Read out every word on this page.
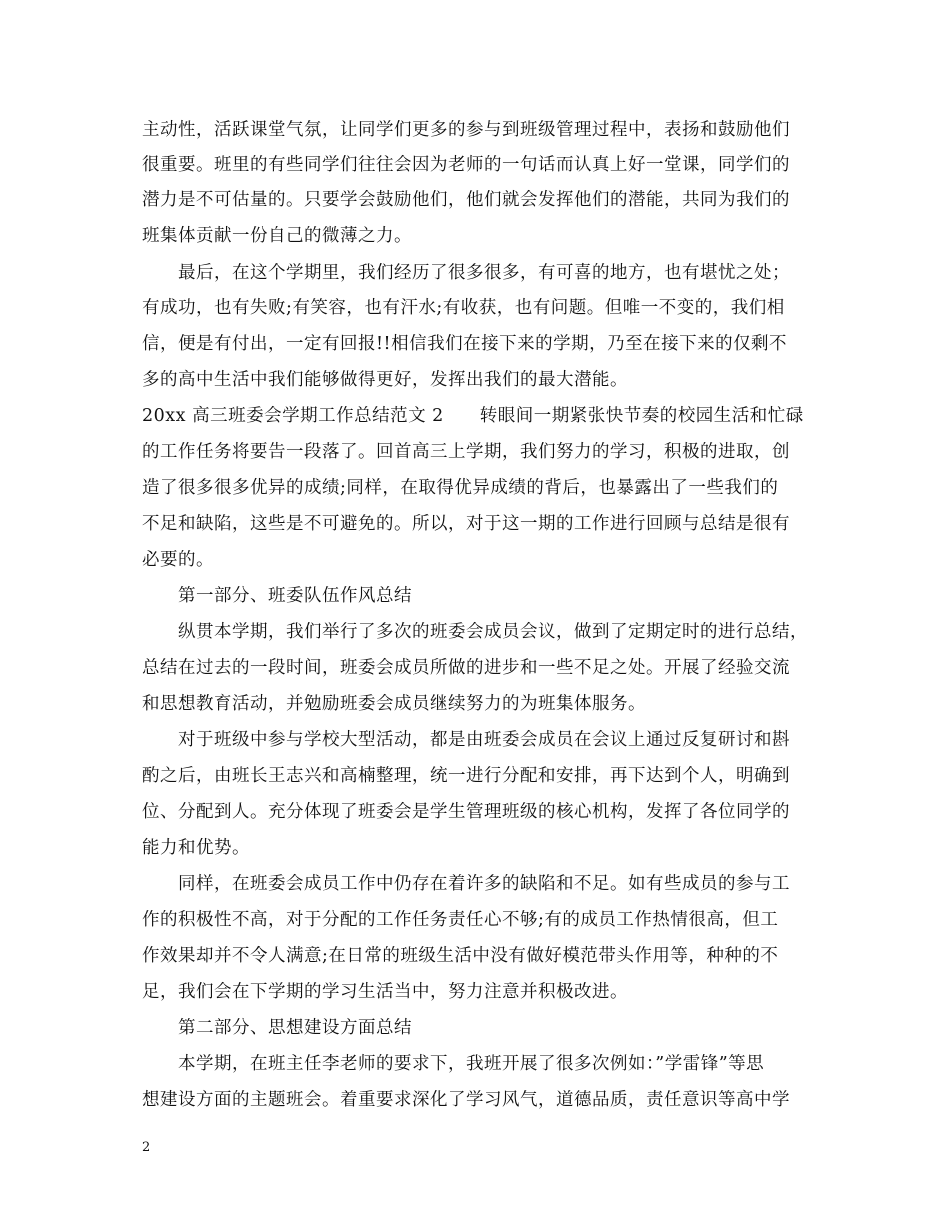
主动性，活跃课堂气氛，让同学们更多的参与到班级管理过程中，表扬和鼓励他们
很重要。班里的有些同学们往往会因为老师的一句话而认真上好一堂课，同学们的
潜力是不可估量的。只要学会鼓励他们，他们就会发挥他们的潜能，共同为我们的
班集体贡献一份自己的微薄之力。
最后，在这个学期里，我们经历了很多很多，有可喜的地方，也有堪忧之处；
有成功，也有失败;有笑容，也有汗水;有收获，也有问题。但唯一不变的，我们相
信，便是有付出，一定有回报!!相信我们在接下来的学期，乃至在接下来的仅剩不
多的高中生活中我们能够做得更好，发挥出我们的最大潜能。
20xx 高三班委会学期工作总结范文 2　　转眼间一期紧张快节奏的校园生活和忙碌
的工作任务将要告一段落了。回首高三上学期，我们努力的学习，积极的进取，创
造了很多很多优异的成绩;同样，在取得优异成绩的背后，也暴露出了一些我们的
不足和缺陷，这些是不可避免的。所以，对于这一期的工作进行回顾与总结是很有
必要的。
第一部分、班委队伍作风总结
纵贯本学期，我们举行了多次的班委会成员会议，做到了定期定时的进行总结，
总结在过去的一段时间，班委会成员所做的进步和一些不足之处。开展了经验交流
和思想教育活动，并勉励班委会成员继续努力的为班集体服务。
对于班级中参与学校大型活动，都是由班委会成员在会议上通过反复研讨和斟
酌之后，由班长王志兴和高楠整理，统一进行分配和安排，再下达到个人，明确到
位、分配到人。充分体现了班委会是学生管理班级的核心机构，发挥了各位同学的
能力和优势。
同样，在班委会成员工作中仍存在着许多的缺陷和不足。如有些成员的参与工
作的积极性不高，对于分配的工作任务责任心不够;有的成员工作热情很高，但工
作效果却并不令人满意;在日常的班级生活中没有做好模范带头作用等，种种的不
足，我们会在下学期的学习生活当中，努力注意并积极改进。
第二部分、思想建设方面总结
本学期，在班主任李老师的要求下，我班开展了很多次例如：”学雷锋”等思
想建设方面的主题班会。着重要求深化了学习风气，道德品质，责任意识等高中学
2
